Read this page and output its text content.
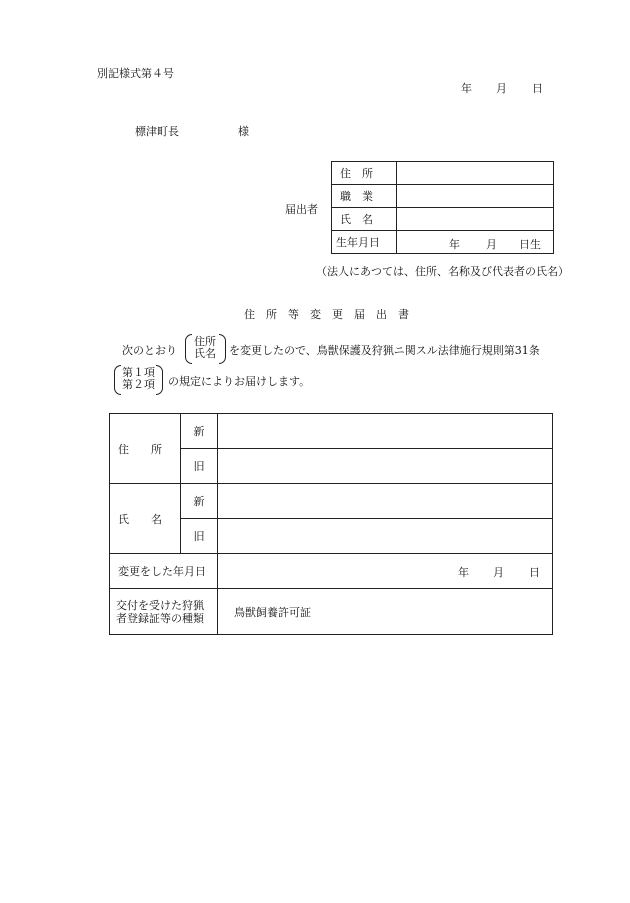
別記様式第４号
年 月 日
標津町長	様
届出者
住　所	
職　業	
氏　名	
生年月日	年 月 日生
（法人にあつては、住所、名称及び代表者の氏名）
住　所　等　変　更　届　出　書
次のとおり
住所
氏名 を変更したので、鳥獣保護及狩猟ニ関スル法律施行規則第31条
第１項
第２項 の規定によりお届けします。
住　　所	新	
	旧	
氏　　名	新	
	旧	
変更をした年月日		年 月 日

交付を受けた狩猟
者登録証等の種類		鳥獣飼養許可証
